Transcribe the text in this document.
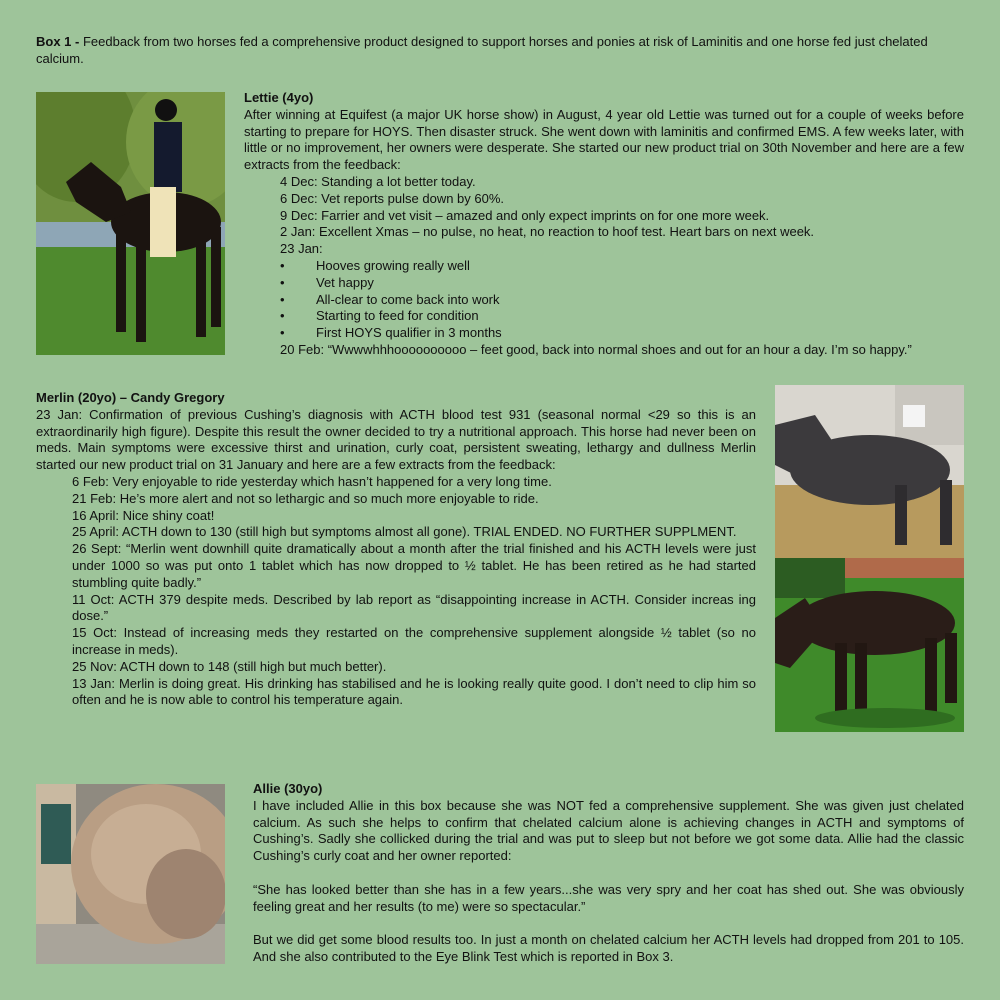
Box 1 - Feedback from two horses fed a comprehensive product designed to support horses and ponies at risk of Laminitis and one horse fed just chelated calcium.
Lettie (4yo)
After winning at Equifest (a major UK horse show) in August, 4 year old Lettie was turned out for a couple of weeks before starting to prepare for HOYS. Then disaster struck. She went down with laminitis and confirmed EMS. A few weeks later, with little or no improvement, her owners were desperate. She started our new product trial on 30th November and here are a few extracts from the feedback:
4 Dec: Standing a lot better today.
6 Dec: Vet reports pulse down by 60%.
9 Dec: Farrier and vet visit – amazed and only expect imprints on for one more week.
2 Jan: Excellent Xmas – no pulse, no heat, no reaction to hoof test. Heart bars on next week.
23 Jan:
•	Hooves growing really well
•	Vet happy
•	All-clear to come back into work
•	Starting to feed for condition
•	First HOYS qualifier in 3 months
20 Feb: “Wwwwhhhoooooooooo – feet good, back into normal shoes and out for an hour a day. I’m so happy.”
Merlin (20yo) – Candy Gregory
23 Jan: Confirmation of previous Cushing’s diagnosis with ACTH blood test 931 (seasonal normal <29 so this is an extraordinarily high figure). Despite this result the owner decided to try a nutritional approach. This horse had never been on meds. Main symptoms were excessive thirst and urination, curly coat, persistent sweating, lethargy and dullness Merlin started our new product trial on 31 January and here are a few extracts from the feedback:
6 Feb: Very enjoyable to ride yesterday which hasn’t happened for a very long time.
21 Feb: He’s more alert and not so lethargic and so much more enjoyable to ride.
16 April: Nice shiny coat!
25 April: ACTH down to 130 (still high but symptoms almost all gone). TRIAL ENDED. NO FURTHER SUPPLMENT.
26 Sept: “Merlin went downhill quite dramatically about a month after the trial finished and his ACTH levels were just under 1000 so was put onto 1 tablet which has now dropped to ½ tablet. He has been retired as he had started stumbling quite badly.”
11 Oct: ACTH 379 despite meds. Described by lab report as “disappointing increase in ACTH. Consider increas ing dose.”
15 Oct: Instead of increasing meds they restarted on the comprehensive supplement alongside ½ tablet (so no increase in meds).
25 Nov: ACTH down to 148 (still high but much better).
13 Jan: Merlin is doing great. His drinking has stabilised and he is looking really quite good. I don’t need to clip him so often and he is now able to control his temperature again.
Allie (30yo)
I have included Allie in this box because she was NOT fed a comprehensive supplement. She was given just chelated calcium. As such she helps to confirm that chelated calcium alone is achieving changes in ACTH and symptoms of Cushing’s. Sadly she collicked during the trial and was put to sleep but not before we got some data. Allie had the classic Cushing’s curly coat and her owner reported:
“She has looked better than she has in a few years...she was very spry and her coat has shed out. She was obviously feeling great and her results (to me) were so spectacular.”
But we did get some blood results too. In just a month on chelated calcium her ACTH levels had dropped from 201 to 105. And she also contributed to the Eye Blink Test which is reported in Box 3.
